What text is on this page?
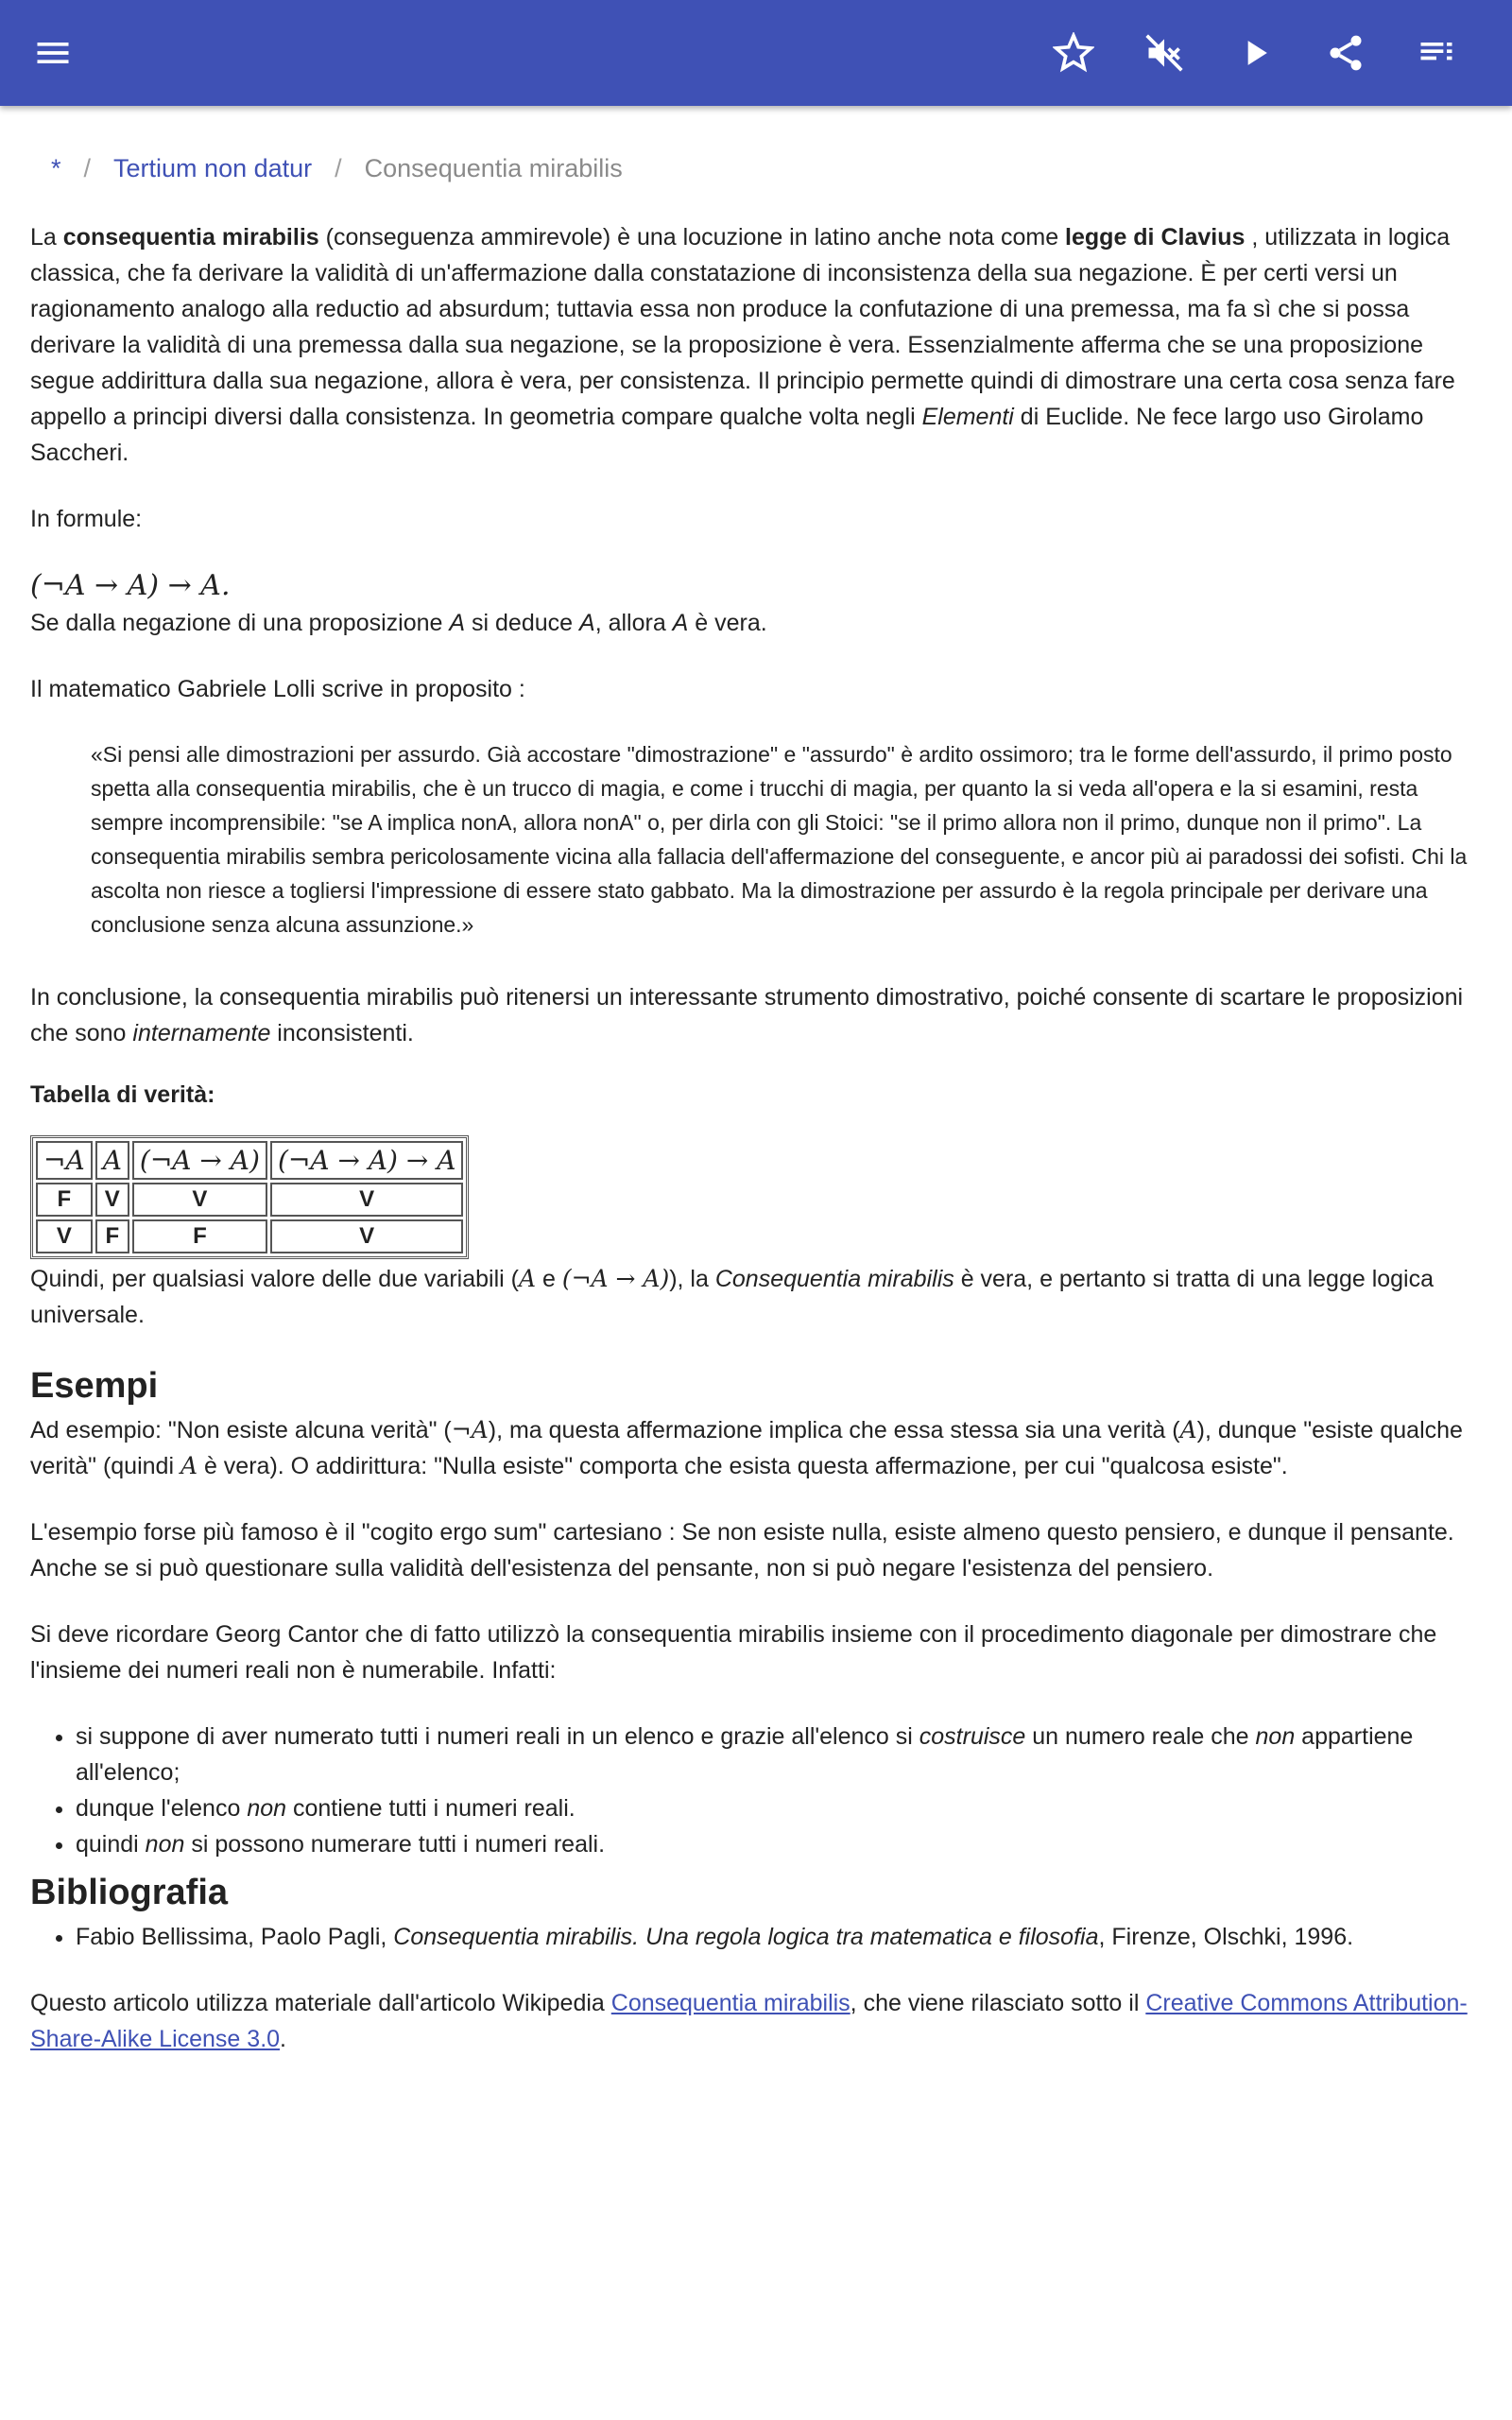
* / Tertium non datur / Consequentia mirabilis

La consequentia mirabilis (conseguenza ammirevole) è una locuzione in latino anche nota come legge di Clavius , utilizzata in logica classica, che fa derivare la validità di un'affermazione dalla constatazione di inconsistenza della sua negazione. È per certi versi un ragionamento analogo alla reductio ad absurdum; tuttavia essa non produce la confutazione di una premessa, ma fa sì che si possa derivare la validità di una premessa dalla sua negazione, se la proposizione è vera. Essenzialmente afferma che se una proposizione segue addirittura dalla sua negazione, allora è vera, per consistenza. Il principio permette quindi di dimostrare una certa cosa senza fare appello a principi diversi dalla consistenza. In geometria compare qualche volta negli Elementi di Euclide. Ne fece largo uso Girolamo Saccheri.

In formule:

(¬A → A) → A.

Se dalla negazione di una proposizione A si deduce A, allora A è vera.

Il matematico Gabriele Lolli scrive in proposito :

«Si pensi alle dimostrazioni per assurdo. Già accostare "dimostrazione" e "assurdo" è ardito ossimoro; tra le forme dell'assurdo, il primo posto spetta alla consequentia mirabilis, che è un trucco di magia, e come i trucchi di magia, per quanto la si veda all'opera e la si esamini, resta sempre incomprensibile: "se A implica nonA, allora nonA" o, per dirla con gli Stoici: "se il primo allora non il primo, dunque non il primo". La consequentia mirabilis sembra pericolosamente vicina alla fallacia dell'affermazione del conseguente, e ancor più ai paradossi dei sofisti. Chi la ascolta non riesce a togliersi l'impressione di essere stato gabbato. Ma la dimostrazione per assurdo è la regola principale per derivare una conclusione senza alcuna assunzione.»

In conclusione, la consequentia mirabilis può ritenersi un interessante strumento dimostrativo, poiché consente di scartare le proposizioni che sono internamente inconsistenti.

Tabella di verità:
¬A	A	(¬A → A)	(¬A → A) → A
F	V	V	V
V	F	F	V

Quindi, per qualsiasi valore delle due variabili (A e (¬A → A)), la Consequentia mirabilis è vera, e pertanto si tratta di una legge logica universale.

Esempi

Ad esempio: "Non esiste alcuna verità" (¬A), ma questa affermazione implica che essa stessa sia una verità (A), dunque "esiste qualche verità" (quindi A è vera). O addirittura: "Nulla esiste" comporta che esista questa affermazione, per cui "qualcosa esiste".

L'esempio forse più famoso è il "cogito ergo sum" cartesiano : Se non esiste nulla, esiste almeno questo pensiero, e dunque il pensante. Anche se si può questionare sulla validità dell'esistenza del pensante, non si può negare l'esistenza del pensiero.

Si deve ricordare Georg Cantor che di fatto utilizzò la consequentia mirabilis insieme con il procedimento diagonale per dimostrare che l'insieme dei numeri reali non è numerabile. Infatti:

• si suppone di aver numerato tutti i numeri reali in un elenco e grazie all'elenco si costruisce un numero reale che non appartiene all'elenco;
• dunque l'elenco non contiene tutti i numeri reali.
• quindi non si possono numerare tutti i numeri reali.
Bibliografia
• Fabio Bellissima, Paolo Pagli, Consequentia mirabilis. Una regola logica tra matematica e filosofia, Firenze, Olschki, 1996.

Questo articolo utilizza materiale dall'articolo Wikipedia Consequentia mirabilis, che viene rilasciato sotto il Creative Commons Attribution-Share-Alike License 3.0.
